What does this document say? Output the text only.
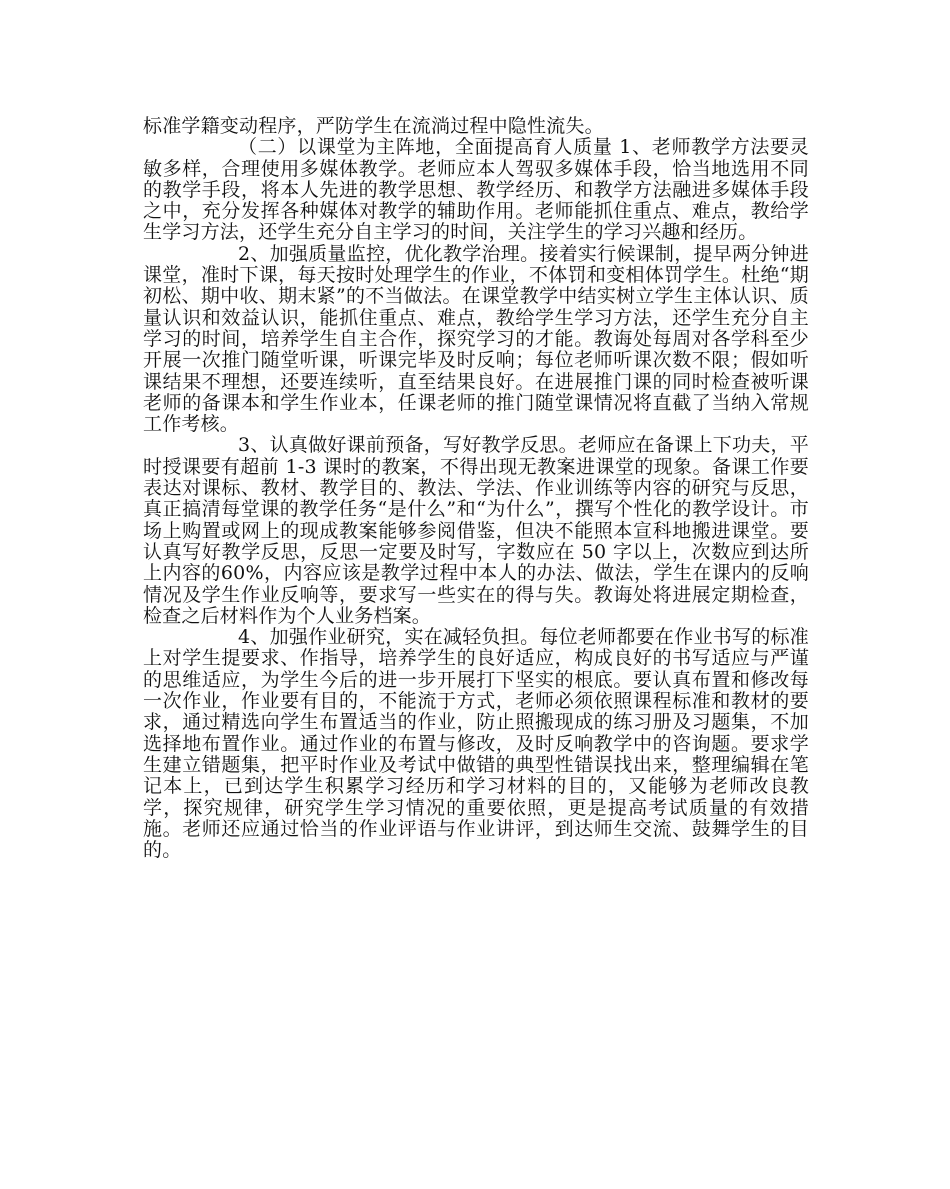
标准学籍变动程序，严防学生在流淌过程中隐性流失。

（二）以课堂为主阵地，全面提高育人质量 1、老师教学方法要灵敏多样，合理使用多媒体教学。老师应本人驾驭多媒体手段，恰当地选用不同的教学手段，将本人先进的教学思想、教学经历、和教学方法融进多媒体手段之中，充分发挥各种媒体对教学的辅助作用。老师能抓住重点、难点，教给学生学习方法，还学生充分自主学习的时间，关注学生的学习兴趣和经历。

2、加强质量监控，优化教学治理。接着实行候课制，提早两分钟进课堂，准时下课，每天按时处理学生的作业，不体罚和变相体罚学生。杜绝“期初松、期中收、期末紧”的不当做法。在课堂教学中结实树立学生主体认识、质量认识和效益认识，能抓住重点、难点，教给学生学习方法，还学生充分自主学习的时间，培养学生自主合作，探究学习的才能。教诲处每周对各学科至少开展一次推门随堂听课，听课完毕及时反响；每位老师听课次数不限；假如听课结果不理想，还要连续听，直至结果良好。在进展推门课的同时检查被听课老师的备课本和学生作业本，任课老师的推门随堂课情况将直截了当纳入常规工作考核。

3、认真做好课前预备，写好教学反思。老师应在备课上下功夫，平时授课要有超前 1-3 课时的教案，不得出现无教案进课堂的现象。备课工作要表达对课标、教材、教学目的、教法、学法、作业训练等内容的研究与反思，真正搞清每堂课的教学任务“是什么”和“为什么”，撰写个性化的教学设计。市场上购置或网上的现成教案能够参阅借鉴，但决不能照本宣科地搬进课堂。要认真写好教学反思，反思一定要及时写，字数应在 50 字以上，次数应到达所上内容的60%，内容应该是教学过程中本人的办法、做法，学生在课内的反响情况及学生作业反响等，要求写一些实在的得与失。教诲处将进展定期检查，检查之后材料作为个人业务档案。

4、加强作业研究，实在减轻负担。每位老师都要在作业书写的标准上对学生提要求、作指导，培养学生的良好适应，构成良好的书写适应与严谨的思维适应，为学生今后的进一步开展打下坚实的根底。要认真布置和修改每一次作业，作业要有目的，不能流于方式，老师必须依照课程标准和教材的要求，通过精选向学生布置适当的作业，防止照搬现成的练习册及习题集，不加选择地布置作业。通过作业的布置与修改，及时反响教学中的咨询题。要求学生建立错题集，把平时作业及考试中做错的典型性错误找出来，整理编辑在笔记本上，已到达学生积累学习经历和学习材料的目的，又能够为老师改良教学，探究规律，研究学生学习情况的重要依照，更是提高考试质量的有效措施。老师还应通过恰当的作业评语与作业讲评，到达师生交流、鼓舞学生的目的。
